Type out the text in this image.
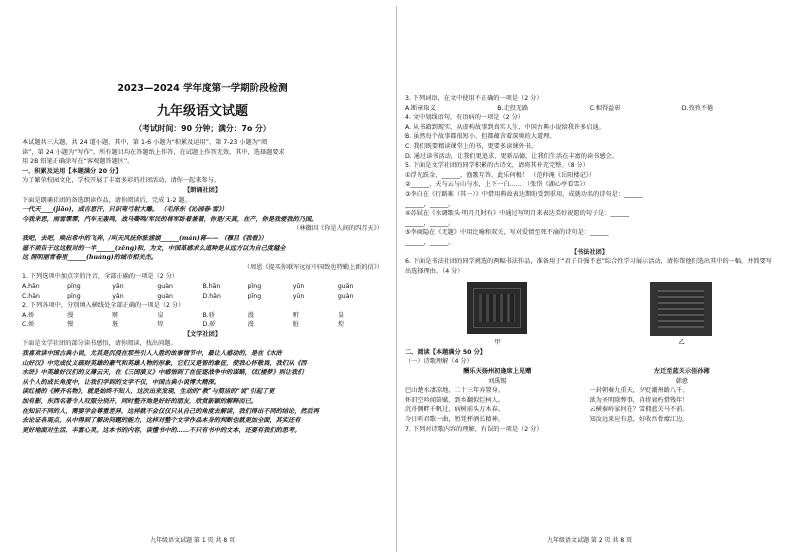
2023—2024 学年度第一学期阶段检测
九年级语文试题
（考试时间：90 分钟；满分：7o 分）
本试题共三大题，共 24 道小题，其中，第 1-6 小题为“积累及运用”，第 7-23 小题为“阅
读”，第 24 小题为“写作”。所有题目均在答题纸上作答，在试题上作答无效。其中，选择题要求
用 2B 铅笔正确涂写在“客观题答题区”。
一、积累及运用【本题满分 20 分】
为了繁荣校园文化，学校开展了丰富多彩的社团活动，请你一起来参与。
【朗诵社团】
下面是朗诵社团的备选朗读作品，请你阅读后，完成 1-2 题。
一代天____(jiāo)，成吉思汗，只识弯弓射大雕。 （毛泽东《沁园春·雪》）
今我来思，雨雪霏霏，汽车无轰鸣，战马嘶鸣/军民的将军卧着兼着，你是/天真，在产，你是我爱我的乃国。
（林徽因《你是人间的四月天》）
我吧，去吧，唤出希中的飞奔，/叫天风抚你胀浦湖______(mán)蒋—— （穆旦《我看》）
滋不须告于这这般对的一半______(zēng)和，为文，中国革感求么道种是从远方以为自己度越全
这 照明丽青春里______(huáng)的城市相关杰。
（周恩《提买你联军远征中国致也特勤上新的信》）
1. 下列选项中加点字的注音，全部正确的一项是（2 分）
A.hān	pīng	yān	guàn	B.hān	pīng	yǔn	guān
C.hān	pīng	yān	guàn	D.hān	pīng	yūn	guàn
2. 下列各项中，分别填入横线处全部正确的一项是（2 分）
A.娇	漫	赃	皇	B.骄	漫	赃	皇
C.娇	慢	脏	煌	D.骄	漫	脏	煌
【文学社团】
下面是文学社团的部分读书感悟，请你阅读，找出问题。
我喜欢读中国古典小说，尤其是沉浸在那些引人入胜的故事情节中，最让人感动的，是在《水浒
山好汉》中完成仗义疏财英雄的豪气和英雄人物的形象，它们又是智的象征，使我心怀敬畏，我们从《西
水浒》中英雄好汉们的义薄云天，在《三国演义》中感悟到了在征逐战争中的谋略，《红楼梦》则让我们
从个人的成长角度中，让我们学到的文学不仅，中国古典小说博大精深。
读红楼的《辨齐名物》，就是始终不知人、这次出来发现，生动的“教”与简洁的“说”引起了更
加有影，东西名著令人叹服分别开，同时整齐地是好好的朋友，欣赏新颖的解释而已。
在知识不同的人，需要学会尊重差异，这样就不会仅仅只从自己的角度去解读，我们得出不同的结论，然后再
去论证各观点，从中得到了解决问题的能力，这样对整个文学作品本身的判断也就更加全面，其实还有
更好地面对生活、丰富心灵。这本书的内容，读懂书中的……不只有书中的文本，还要有我们的思考。
九年级语文试题 第 1 页 共 8 页
3. 下列词语，在文中使用不正确的一项是（2 分）
A.断章取义	B.走投无路	C.相得益彰	D.孜孜不倦
4. 文中划线语句，有语病的一项是（2 分）
A. 从书籍到现实，从虚构故事到真实人生，中国古典小说给我许多启迪。
B. 虽然每个故事都很短小，但都蕴含着深奥的大道理。
C. 我们既要精读课堂上的书，更要多读课外书。
D. 通过读书活动，让我们更追求、更新品德，让我们生活在丰富的读书感会。
5. 下面是文学社团的同学积累的古诗文，请将其补充完整。（8 分）
①浮光跃金，______，渔歌互答，此乐何极！ （范仲淹《岳阳楼记》）
②______，天与云与山与水，上下一白…… （张岱《湖心亭看雪》）
③李白在《行路难（其一）》中借用典故表达期盼受到重用，成就功名的诗句是：______
______，______。
④苏轼在《水调歌头·明月几时有》中通过写明月来表达美好祝愿的句子是：______
______，______。
⑤李商隐在《无题》中用比喻和双关，写对爱情至死不渝的诗句是：______
______，______。
【书法社团】
6. 下面是书法社团的同学挑选的两幅书法作品，准备用于“君子自强不息”综合性学习展示活动，请你帮他们选出其中的一幅，并简要写出选择理由。（4 分）
甲	乙
二、阅读【本题满分 50 分】
（一）诗歌理解（4 分）
酬乐天扬州初逢席上见赠
刘禹锡
巴山楚水凄凉地，二十三年弃置身。
怀旧空吟闻笛赋，到乡翻似烂柯人。
沉舟侧畔千帆过，病树前头万木春。
今日听君歌一曲，暂凭杯酒长精神。
左迁至蓝关示侄孙湘
韩愈
一封朝奏九重天，夕贬潮州路八千。
欲为圣明除弊事，肯将衰朽惜残年！
云横秦岭家何在？雪拥蓝关马不前。
知汝远来应有意，好收吾骨瘴江边。
7. 下列对诗歌内容的理解，有误的一项是（2 分）
九年级语文试题 第 2 页 共 8 页
